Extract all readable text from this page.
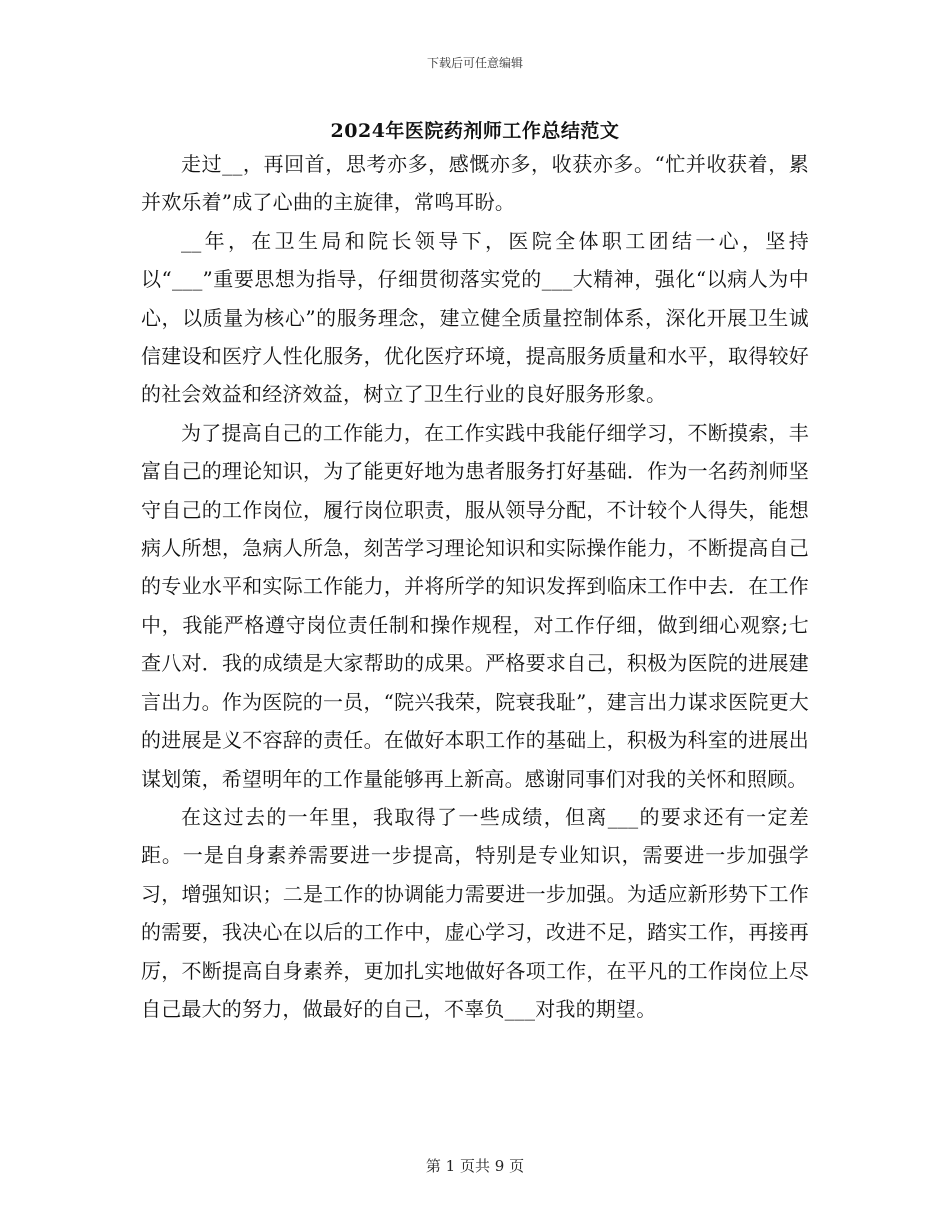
下载后可任意编辑
2024年医院药剂师工作总结范文

走过__，再回首，思考亦多，感慨亦多，收获亦多。“忙并收获着，累并欢乐着”成了心曲的主旋律，常鸣耳盼。

__年，在卫生局和院长领导下，医院全体职工团结一心，坚持以“___”重要思想为指导，仔细贯彻落实党的___大精神，强化“以病人为中心，以质量为核心”的服务理念，建立健全质量控制体系，深化开展卫生诚信建设和医疗人性化服务，优化医疗环境，提高服务质量和水平，取得较好的社会效益和经济效益，树立了卫生行业的良好服务形象。

为了提高自己的工作能力，在工作实践中我能仔细学习，不断摸索，丰富自己的理论知识，为了能更好地为患者服务打好基础．作为一名药剂师坚守自己的工作岗位，履行岗位职责，服从领导分配，不计较个人得失，能想病人所想，急病人所急，刻苦学习理论知识和实际操作能力，不断提高自己的专业水平和实际工作能力，并将所学的知识发挥到临床工作中去．在工作中，我能严格遵守岗位责任制和操作规程，对工作仔细，做到细心观察;七查八对．我的成绩是大家帮助的成果。严格要求自己，积极为医院的进展建言出力。作为医院的一员，“院兴我荣，院衰我耻”，建言出力谋求医院更大的进展是义不容辞的责任。在做好本职工作的基础上，积极为科室的进展出谋划策，希望明年的工作量能够再上新高。感谢同事们对我的关怀和照顾。

在这过去的一年里，我取得了一些成绩，但离___的要求还有一定差距。一是自身素养需要进一步提高，特别是专业知识，需要进一步加强学习，增强知识；二是工作的协调能力需要进一步加强。为适应新形势下工作的需要，我决心在以后的工作中，虚心学习，改进不足，踏实工作，再接再厉，不断提高自身素养，更加扎实地做好各项工作，在平凡的工作岗位上尽自己最大的努力，做最好的自己，不辜负___对我的期望。

第 1 页共 9 页
